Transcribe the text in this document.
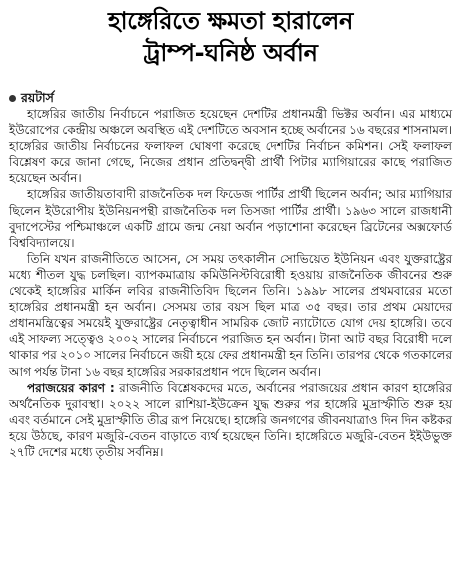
হাঙ্গেরিতে ক্ষমতা হারালেন
ট্রাম্প-ঘনিষ্ঠ অর্বান
রয়টার্স

হাঙ্গেরির জাতীয় নির্বাচনে পরাজিত হয়েছেন দেশটির প্রধানমন্ত্রী ভিক্টর অর্বান। এর মাধ্যমে ইউরোপের কেন্দ্রীয় অঞ্চলে অবস্থিত এই দেশটিতে অবসান হচ্ছে অর্বানের ১৬ বছরের শাসনামল। হাঙ্গেরির জাতীয় নির্বাচনের ফলাফল ঘোষণা করেছে দেশটির নির্বাচন কমিশন। সেই ফলাফল বিশ্লেষণ করে জানা গেছে, নিজের প্রধান প্রতিদ্বন্দ্বী প্রার্থী পিটার ম্যাগিয়ারের কাছে পরাজিত হয়েছেন অর্বান।

হাঙ্গেরির জাতীয়তাবাদী রাজনৈতিক দল ফিডেজ পার্টির প্রার্থী ছিলেন অর্বান; আর ম্যাগিয়ার ছিলেন ইউরোপীয় ইউনিয়নপন্থী রাজনৈতিক দল তিসজা পার্টির প্রার্থী। ১৯৬৩ সালে রাজধানী বুদাপেস্টের পশ্চিমাঞ্চলে একটি গ্রামে জন্ম নেয়া অর্বান পড়াশোনা করেছেন ব্রিটেনের অক্সফোর্ড বিশ্ববিদ্যালয়ে।

তিনি যখন রাজনীতিতে আসেন, সে সময় তৎকালীন সোভিয়েত ইউনিয়ন এবং যুক্তরাষ্ট্রের মধ্যে শীতল যুদ্ধ চলছিল। ব্যাপকমাত্রায় কমিউনিস্টবিরোধী হওয়ায় রাজনৈতিক জীবনের শুরু থেকেই হাঙ্গেরির মার্কিন লবির রাজনীতিবিদ ছিলেন তিনি। ১৯৯৮ সালের প্রথমবারের মতো হাঙ্গেরির প্রধানমন্ত্রী হন অর্বান। সেসময় তার বয়স ছিল মাত্র ৩৫ বছর। তার প্রথম মেয়াদের প্রধানমন্ত্রিত্বের সময়েই যুক্তরাষ্ট্রের নেতৃত্বাধীন সামরিক জোট ন্যাটোতে যোগ দেয় হাঙ্গেরি। তবে এই সাফল্য সত্ত্বেও ২০০২ সালের নির্বাচনে পরাজিত হন অর্বান। টানা আট বছর বিরোধী দলে থাকার পর ২০১০ সালের নির্বাচনে জয়ী হয়ে ফের প্রধানমন্ত্রী হন তিনি। তারপর থেকে গতকালের আগ পর্যন্ত টানা ১৬ বছর হাঙ্গেরির সরকারপ্রধান পদে ছিলেন অর্বান।

পরাজয়ের কারণ : রাজনীতি বিশ্লেষকদের মতে, অর্বানের পরাজয়ের প্রধান কারণ হাঙ্গেরির অর্থনৈতিক দুরাবস্থা। ২০২২ সালে রাশিয়া-ইউক্রেন যুদ্ধ শুরুর পর হাঙ্গেরি মুদ্রাস্ফীতি শুরু হয় এবং বর্তমানে সেই মুদ্রাস্ফীতি তীব্র রূপ নিয়েছে। হাঙ্গেরি জনগণের জীবনযাত্রাও দিন দিন কষ্টকর হয়ে উঠছে, কারণ মজুরি-বেতন বাড়াতে ব্যর্থ হয়েছেন তিনি। হাঙ্গেরিতে মজুরি-বেতন ইইউভুক্ত ২৭টি দেশের মধ্যে তৃতীয় সর্বনিম্ন।
